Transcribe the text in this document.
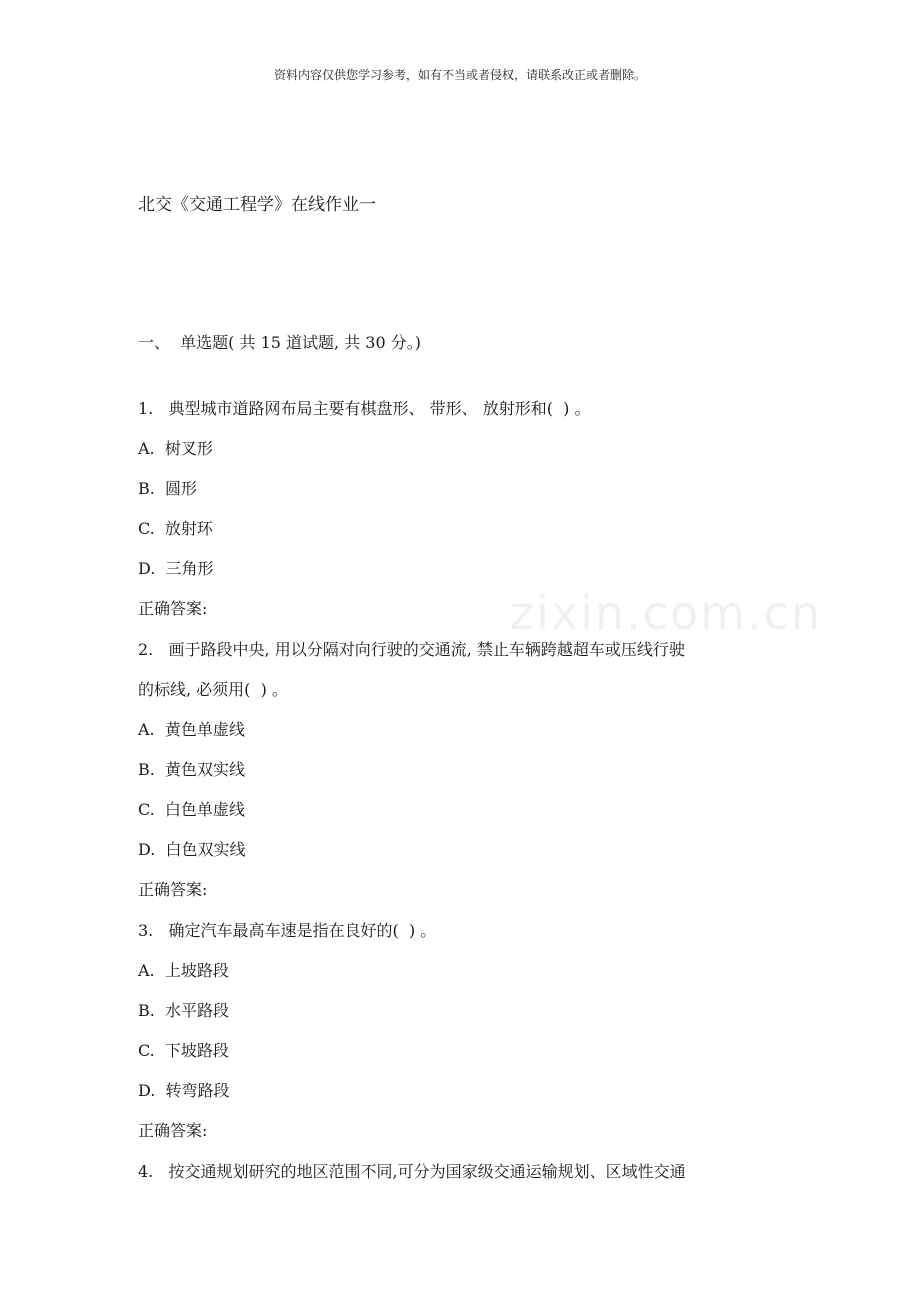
资料内容仅供您学习参考，如有不当或者侵权，请联系改正或者删除。
zixin.com.cn
北交《交通工程学》在线作业一
一、  单选题( 共 15 道试题, 共 30 分。)
1.   典型城市道路网布局主要有棋盘形、 带形、 放射形和(  ) 。
A.  树叉形
B.  圆形
C.  放射环
D.  三角形
正确答案:
2.   画于路段中央, 用以分隔对向行驶的交通流, 禁止车辆跨越超车或压线行驶
的标线, 必须用(  ) 。
A.  黄色单虚线
B.  黄色双实线
C.  白色单虚线
D.  白色双实线
正确答案:
3.   确定汽车最高车速是指在良好的(  ) 。
A.  上坡路段
B.  水平路段
C.  下坡路段
D.  转弯路段
正确答案:
4.   按交通规划研究的地区范围不同,可分为国家级交通运输规划、区域性交通
